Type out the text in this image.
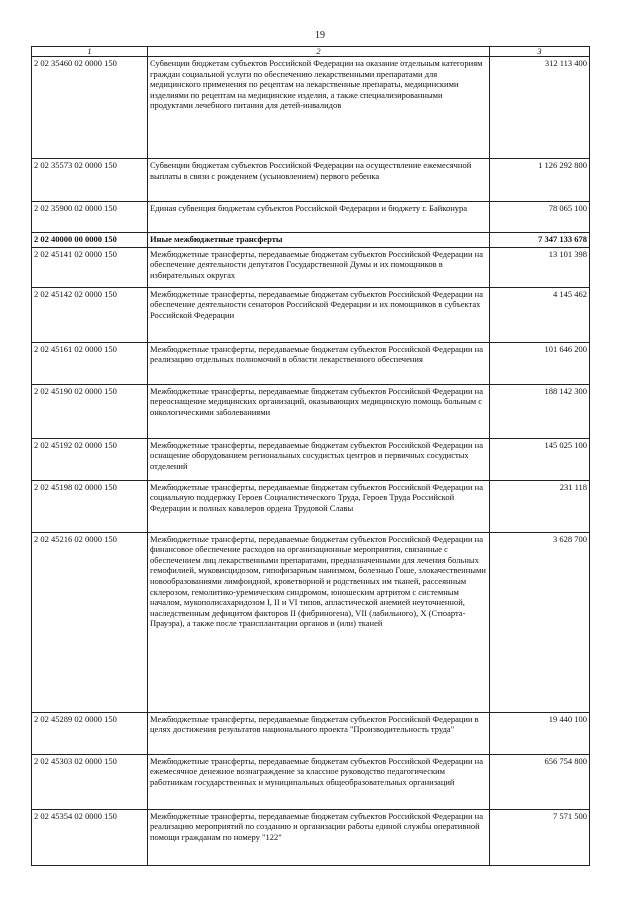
19
1	2	3
2 02 35460 02 0000 150	Субвенции бюджетам субъектов Российской Федерации на оказание отдельным категориям граждан социальной услуги по обеспечению лекарственными препаратами для медицинского применения по рецептам на лекарственные препараты, медицинскими изделиями по рецептам на медицинские изделия, а также специализированными продуктами лечебного питания для детей-инвалидов	312 113 400
2 02 35573 02 0000 150	Субвенции бюджетам субъектов Российской Федерации на осуществление ежемесячной выплаты в связи с рождением (усыновлением) первого ребенка	1 126 292 800
2 02 35900 02 0000 150	Единая субвенция бюджетам субъектов Российской Федерации и бюджету г. Байконура	78 065 100
2 02 40000 00 0000 150	Иные межбюджетные трансферты	7 347 133 678
2 02 45141 02 0000 150	Межбюджетные трансферты, передаваемые бюджетам субъектов Российской Федерации на обеспечение деятельности депутатов Государственной Думы и их помощников в избирательных округах	13 101 398
2 02 45142 02 0000 150	Межбюджетные трансферты, передаваемые бюджетам субъектов Российской Федерации на обеспечение деятельности сенаторов Российской Федерации и их помощников в субъектах Российской Федерации	4 145 462
2 02 45161 02 0000 150	Межбюджетные трансферты, передаваемые бюджетам субъектов Российской Федерации на реализацию отдельных полномочий в области лекарственного обеспечения	101 646 200
2 02 45190 02 0000 150	Межбюджетные трансферты, передаваемые бюджетам субъектов Российской Федерации на переоснащение медицинских организаций, оказывающих медицинскую помощь больным с онкологическими заболеваниями	188 142 300
2 02 45192 02 0000 150	Межбюджетные трансферты, передаваемые бюджетам субъектов Российской Федерации на оснащение оборудованием региональных сосудистых центров и первичных сосудистых отделений	145 025 100
2 02 45198 02 0000 150	Межбюджетные трансферты, передаваемые бюджетам субъектов Российской Федерации на социальную поддержку Героев Социалистического Труда, Героев Труда Российской Федерации и полных кавалеров ордена Трудовой Славы	231 118
2 02 45216 02 0000 150	Межбюджетные трансферты, передаваемые бюджетам субъектов Российской Федерации на финансовое обеспечение расходов на организационные мероприятия, связанные с обеспечением лиц лекарственными препаратами, предназначенными для лечения больных гемофилией, муковисцидозом, гипофизарным нанизмом, болезнью Гоше, злокачественными новообразованиями лимфоидной, кроветворной и родственных им тканей, рассеянным склерозом, гемолитико-уремическим синдромом, юношеским артритом с системным началом, мукополисахаридозом I, II и VI типов, апластической анемией неуточненной, наследственным дефицитом факторов II (фибриногена), VII (лабильного), X (Стюарта-Прауэра), а также после трансплантации органов и (или) тканей	3 628 700
2 02 45289 02 0000 150	Межбюджетные трансферты, передаваемые бюджетам субъектов Российской Федерации в целях достижения результатов национального проекта "Производительность труда"	19 440 100
2 02 45303 02 0000 150	Межбюджетные трансферты, передаваемые бюджетам субъектов Российской Федерации на ежемесячное денежное вознаграждение за классное руководство педагогическим работникам государственных и муниципальных общеобразовательных организаций	656 754 800
2 02 45354 02 0000 150	Межбюджетные трансферты, передаваемые бюджетам субъектов Российской Федерации на реализацию мероприятий по созданию и организации работы единой службы оперативной помощи гражданам по номеру "122"	7 571 500
